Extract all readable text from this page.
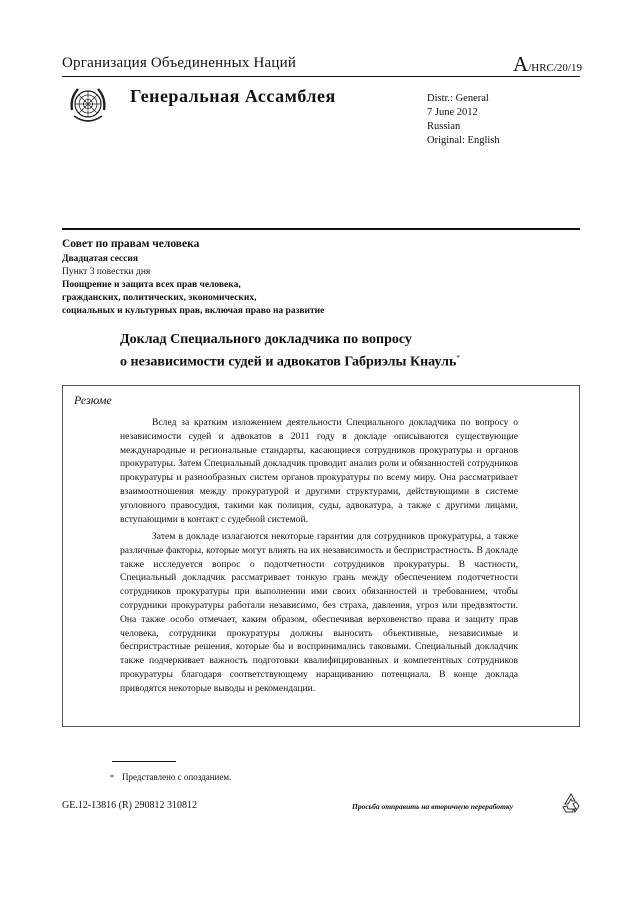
Организация Объединенных Наций	A/HRC/20/19
Генеральная Ассамблея	Distr.: General
7 June 2012
Russian
Original: English
Совет по правам человека
Двадцатая сессия
Пункт 3 повестки дня
Поощрение и защита всех прав человека,
гражданских, политических, экономических,
социальных и культурных прав, включая право на развитие
Доклад Специального докладчика по вопросу
о независимости судей и адвокатов Габриэлы Кнауль*
Резюме
Вслед за кратким изложением деятельности Специального докладчика по вопросу о независимости судей и адвокатов в 2011 году в докладе описываются существующие международные и региональные стандарты, касающиеся сотрудников прокуратуры и органов прокуратуры. Затем Специальный докладчик проводит анализ роли и обязанностей сотрудников прокуратуры и разнообразных систем органов прокуратуры по всему миру. Она рассматривает взаимоотношения между прокуратурой и другими структурами, действующими в системе уголовного правосудия, такими как полиция, суды, адвокатура, а также с другими лицами, вступающими в контакт с судебной системой.
Затем в докладе излагаются некоторые гарантии для сотрудников прокуратуры, а также различные факторы, которые могут влиять на их независимость и беспристрастность. В докладе также исследуется вопрос о подотчетности сотрудников прокуратуры. В частности, Специальный докладчик рассматривает тонкую грань между обеспечением подотчетности сотрудников прокуратуры при выполнении ими своих обязанностей и требованием, чтобы сотрудники прокуратуры работали независимо, без страха, давления, угроз или предвзятости. Она также особо отмечает, каким образом, обеспечивая верховенство права и защиту прав человека, сотрудники прокуратуры должны выносить объективные, независимые и беспристрастные решения, которые бы и воспринимались таковыми. Специальный докладчик также подчеркивает важность подготовки квалифицированных и компетентных сотрудников прокуратуры благодаря соответствующему наращиванию потенциала. В конце доклада приводятся некоторые выводы и рекомендации.
* Представлено с опозданием.
GE.12-13816 (R) 290812 310812	Просьба отправить на вторичную переработку
